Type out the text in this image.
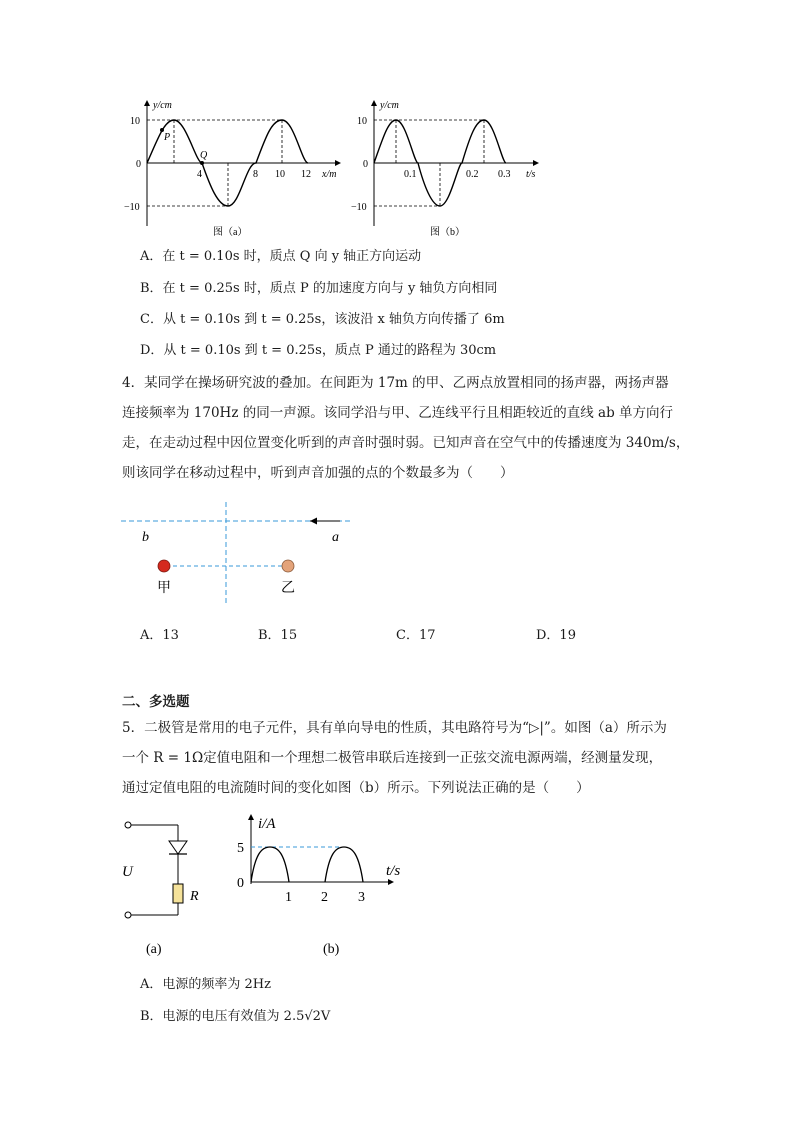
y/cm
10
−10
0
P
Q
4	8 10 12 x/m
图（a）
y/cm
10
−10
0
0.1	0.2 0.3 t/s
图（b）
A．在 t = 0.10s 时，质点 Q 向 y 轴正方向运动
B．在 t = 0.25s 时，质点 P 的加速度方向与 y 轴负方向相同
C．从 t = 0.10s 到 t = 0.25s，该波沿 x 轴负方向传播了 6m
D．从 t = 0.10s 到 t = 0.25s，质点 P 通过的路程为 30cm
4．某同学在操场研究波的叠加。在间距为 17m 的甲、乙两点放置相同的扬声器，两扬声器
连接频率为 170Hz 的同一声源。该同学沿与甲、乙连线平行且相距较近的直线 ab 单方向行
走，在走动过程中因位置变化听到的声音时强时弱。已知声音在空气中的传播速度为 340m/s，
则该同学在移动过程中，听到声音加强的点的个数最多为（　　）
b	a
甲	乙
A．13	B．15	C．17	D．19
二、多选题
5．二极管是常用的电子元件，具有单向导电的性质，其电路符号为“▷|”。如图（a）所示为
一个 R = 1Ω定值电阻和一个理想二极管串联后连接到一正弦交流电源两端，经测量发现，
通过定值电阻的电流随时间的变化如图（b）所示。下列说法正确的是（　　）
U
R
(a)
i/A
5
0
1 2 3
t/s
(b)
A．电源的频率为 2Hz
B．电源的电压有效值为 2.5√2V
